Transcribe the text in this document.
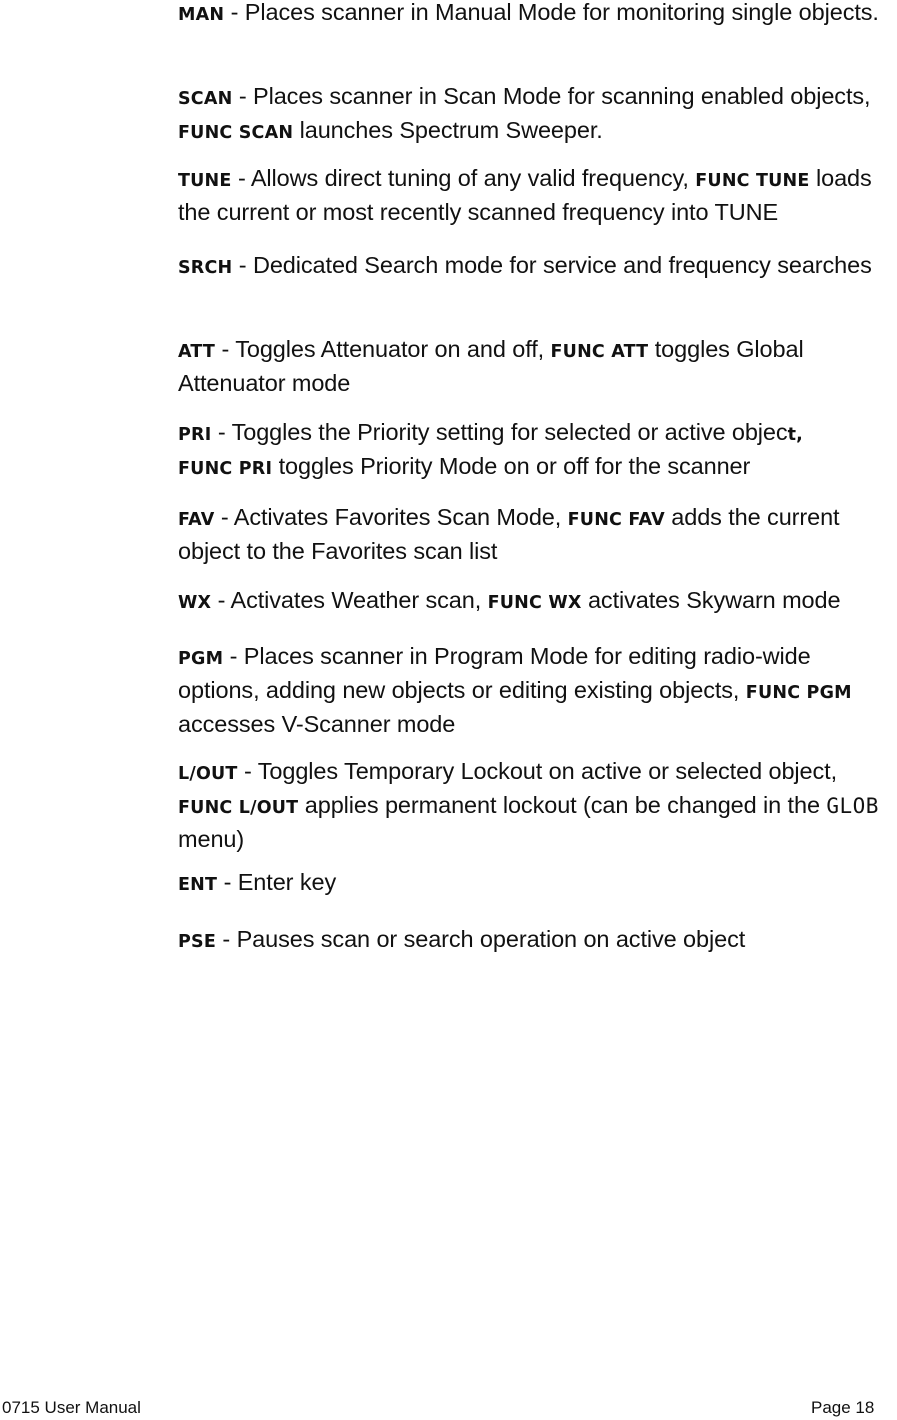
MAN - Places scanner in Manual Mode for monitoring single objects.
SCAN - Places scanner in Scan Mode for scanning enabled objects, FUNC SCAN launches Spectrum Sweeper.
TUNE - Allows direct tuning of any valid frequency, FUNC TUNE loads the current or most recently scanned frequency into TUNE
SRCH - Dedicated Search mode for service and frequency searches
ATT - Toggles Attenuator on and off, FUNC ATT toggles Global Attenuator mode
PRI - Toggles the Priority setting for selected or active object,
FUNC PRI toggles Priority Mode on or off for the scanner
FAV - Activates Favorites Scan Mode, FUNC FAV adds the current object to the Favorites scan list
WX - Activates Weather scan, FUNC WX activates Skywarn mode
PGM - Places scanner in Program Mode for editing radio-wide options, adding new objects or editing existing objects, FUNC PGM accesses V-Scanner mode
L/OUT - Toggles Temporary Lockout on active or selected object, FUNC L/OUT applies permanent lockout (can be changed in the GLOB menu)
ENT - Enter key
PSE - Pauses scan or search operation on active object
0715 User Manual	Page 18
